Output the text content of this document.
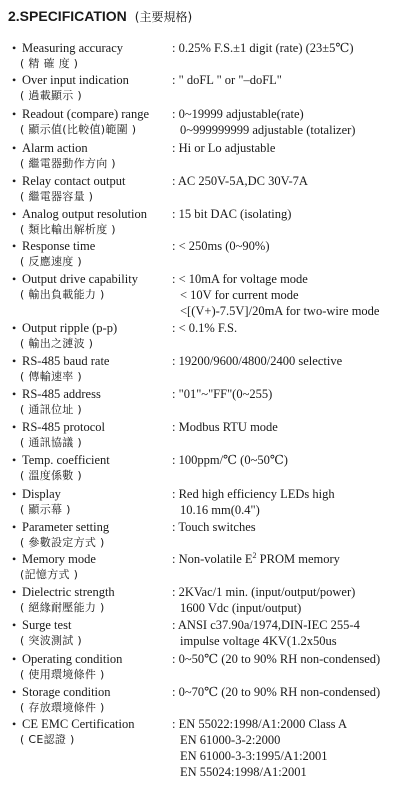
2.SPECIFICATION (主要規格)
• Measuring accuracy
( 精 確 度 )
: 0.25% F.S.±1 digit (rate) (23±5℃)
• Over input indication
( 過載顯示 )
: " doFL " or "–doFL"
• Readout (compare) range
( 顯示值(比較值)範圍 )
: 0~19999 adjustable(rate)
0~999999999 adjustable (totalizer)
• Alarm action
( 繼電器動作方向 )
: Hi or Lo adjustable
• Relay contact output
( 繼電器容量 )
: AC 250V-5A,DC 30V-7A
• Analog output resolution
( 類比輸出解析度 )
: 15 bit DAC (isolating)
• Response time
( 反應速度 )
: < 250ms (0~90%)
• Output drive capability
( 輸出負載能力 )
: < 10mA for voltage mode
< 10V for current mode
<[(V+)-7.5V]/20mA for two-wire mode
• Output ripple (p-p)
( 輸出之漣波 )
: < 0.1% F.S.
• RS-485 baud rate
( 傳輸速率 )
: 19200/9600/4800/2400 selective
• RS-485 address
( 通訊位址 )
: "01"~"FF"(0~255)
• RS-485 protocol
( 通訊協議 )
: Modbus RTU mode
• Temp. coefficient
( 溫度係數 )
: 100ppm/℃ (0~50℃)
• Display
( 顯示幕 )
: Red high efficiency LEDs high
10.16 mm(0.4")
• Parameter setting
( 參數設定方式 )
: Touch switches
• Memory mode
(記憶方式 )
: Non-volatile $E^2$ PROM memory
• Dielectric strength
( 絕緣耐壓能力 )
: 2KVac/1 min. (input/output/power)
1600 Vdc (input/output)
• Surge test
( 突波測試 )
: ANSI c37.90a/1974,DIN-IEC 255-4
impulse voltage 4KV(1.2x50us
• Operating condition
( 使用環境條件 )
: 0~50℃ (20 to 90% RH non-condensed)
• Storage condition
( 存放環境條件 )
: 0~70℃ (20 to 90% RH non-condensed)
• CE EMC Certification
( CE認證 )
: EN 55022:1998/A1:2000 Class A
EN 61000-3-2:2000
EN 61000-3-3:1995/A1:2001
EN 55024:1998/A1:2001
